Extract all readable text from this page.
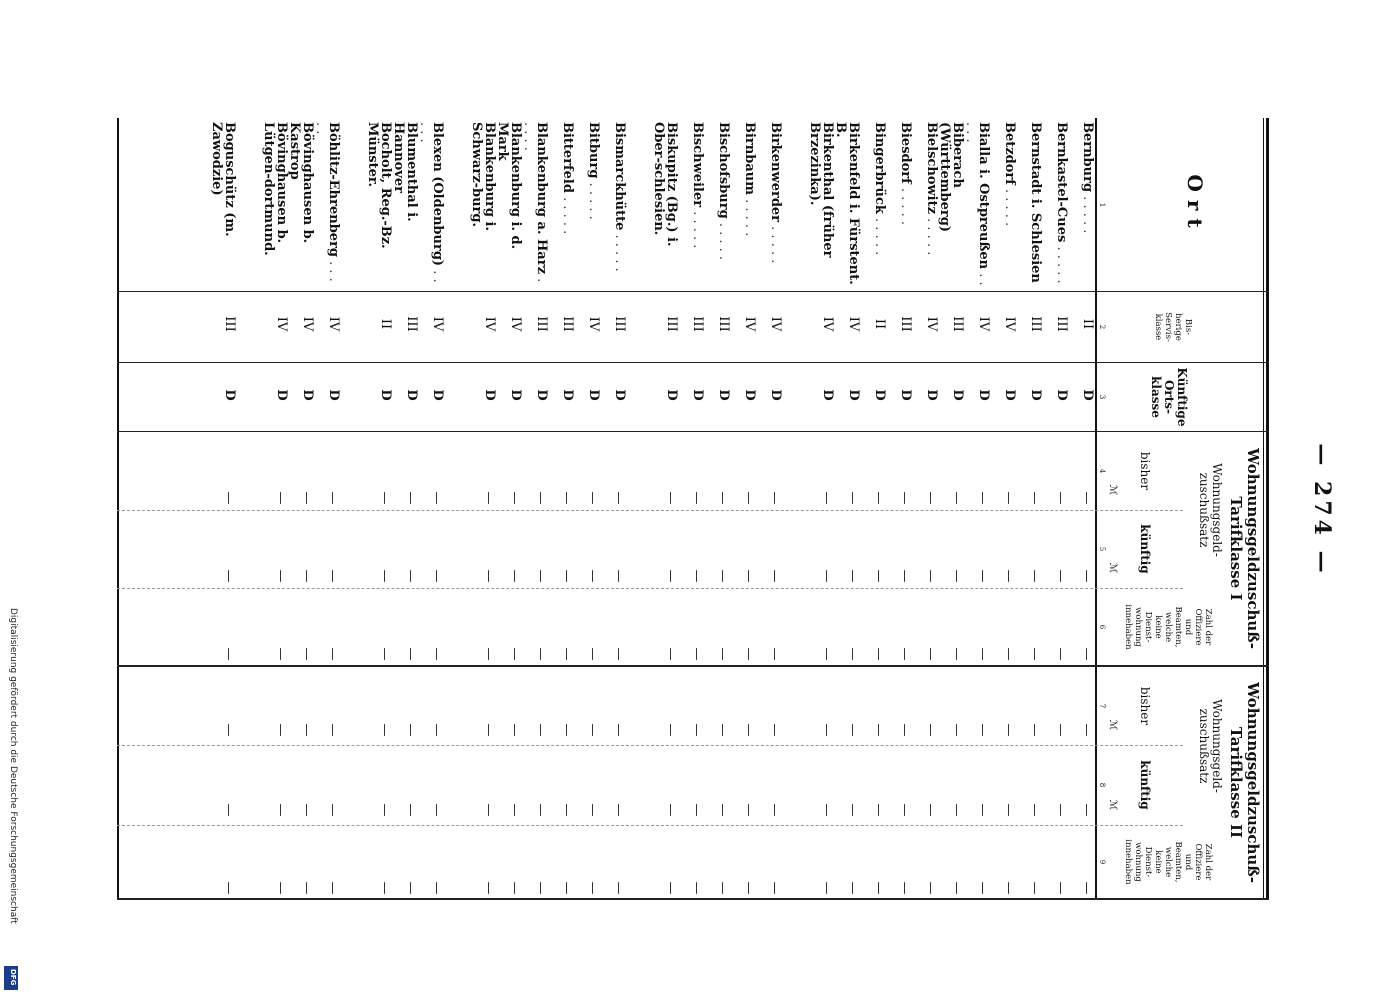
— 274 —
Ort
Bis-
herige
Servis-
klasse
Künftige
Orts-
klasse
Wohnungsgeldzuschuß-
Tarifklasse I
Wohnungsgeld-
zuschußsatz
bisher
künftig
Zahl der
Offiziere
und
Beamten,
welche
keine
Dienst-
wohnung
innehaben
Wohnungsgeldzuschuß-
Tarifklasse II
Wohnungsgeld-
zuschußsatz
bisher
künftig
Zahl der
Offiziere
und
Beamten,
welche
keine
Dienst-
wohnung
innehaben
ℳ
ℳ
ℳ
ℳ
1
2
3
4
5
6
7
8
9
Bernburg . . . . .
II
D
—
—
—
—
—
—
Bernkastel-Cues . . . . .
III
D
—
—
—
—
—
—
Bernstadt i. Schlesien
III
D
—
—
—
—
—
—
Betzdorf . . . . .
IV
D
—
—
—
—
—
—
Bialla i. Ostpreußen . . . . .
IV
D
—
—
—
—
—
—
Biberach (Württemberg)
III
D
—
—
—
—
—
—
Bielschowitz . . . . .
IV
D
—
—
—
—
—
—
Biesdorf . . . . .
III
D
—
—
—
—
—
—
Bingerbrück . . . . .
II
D
—
—
—
—
—
—
Birkenfeld i. Fürstent. B.
IV
D
—
—
—
—
—
—
Birkenthal (früher Brzezinka).
IV
D
—
—
—
—
—
—
Birkenwerder . . . . .
IV
D
—
—
—
—
—
—
Birnbaum . . . . .
IV
D
—
—
—
—
—
—
Bischofsburg . . . . .
III
D
—
—
—
—
—
—
Bischweiler . . . . .
III
D
—
—
—
—
—
—
Biskupitz (Bg.) i. Ober-schlesien.
III
D
—
—
—
—
—
—
Bismarckhütte . . . . .
III
D
—
—
—
—
—
—
Bitburg . . . . .
IV
D
—
—
—
—
—
—
Bitterfeld . . . . .
III
D
—
—
—
—
—
—
Blankenburg a. Harz . . . . .
III
D
—
—
—
—
—
—
Blankenburg i. d. Mark
IV
D
—
—
—
—
—
—
Blankenburg i. Schwarz-burg.
IV
D
—
—
—
—
—
—
Blexen (Oldenburg) . . . . .
IV
D
—
—
—
—
—
—
Blumenthal i. Hannover
III
D
—
—
—
—
—
—
Bocholt, Reg.-Bz. Münster.
II
D
—
—
—
—
—
—
Böhlitz-Ehrenberg . . . . .
IV
D
—
—
—
—
—
—
Bövinghausen b. Kastrop
IV
D
—
—
—
—
—
—
Bövinghausen b. Lütgen-dortmund.
IV
D
—
—
—
—
—
—
Boguschütz (m. Zawodzie)
III
D
—
—
—
—
—
—
Digitalisierung gefördert durch die Deutsche Forschungsgemeinschaft
DFG
